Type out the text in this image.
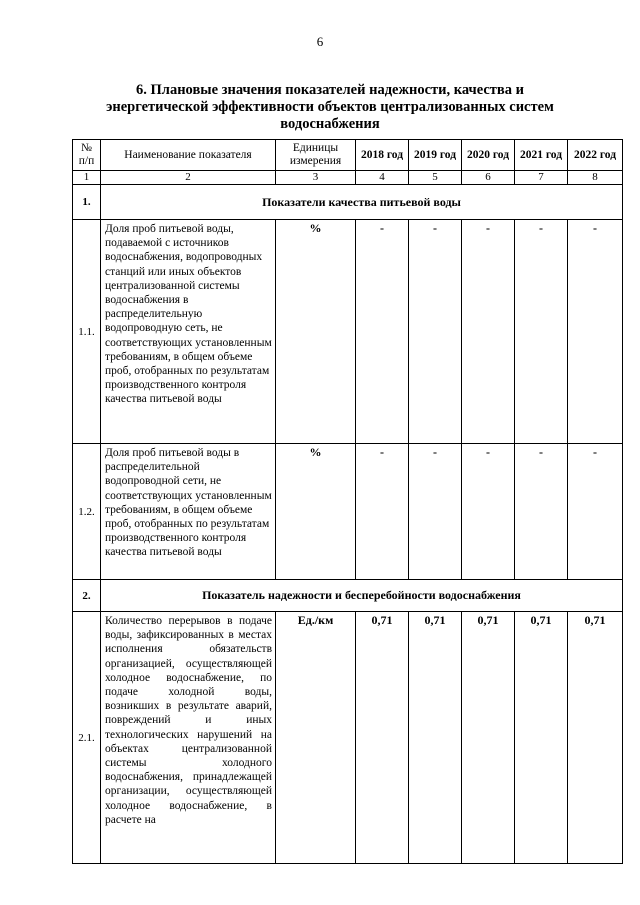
6
6. Плановые значения показателей надежности, качества и
энергетической эффективности объектов централизованных систем
водоснабжения
№ п/п	Наименование показателя	Единицы измерения	2018 год	2019 год	2020 год	2021 год	2022 год
1	2	3	4	5	6	7	8
1.	Показатели качества питьевой воды						
1.1.	Доля проб питьевой воды, подаваемой с источников водоснабжения, водопроводных станций или иных объектов централизованной системы водоснабжения в распределительную водопроводную сеть, не соответствующих установленным требованиям, в общем объеме проб, отобранных по результатам производственного контроля качества питьевой воды	%	-	-	-	-	-
1.2.	Доля проб питьевой воды в распределительной водопроводной сети, не соответствующих установленным требованиям, в общем объеме проб, отобранных по результатам производственного контроля качества питьевой воды	%	-	-	-	-	-
2.	Показатель надежности и бесперебойности водоснабжения						
2.1.	Количество перерывов в подаче воды, зафиксированных в местах исполнения обязательств организацией, осуществляющей холодное водоснабжение, по подаче холодной воды, возникших в результате аварий, повреждений и иных технологических нарушений на объектах централизованной системы холодного водоснабжения, принадлежащей организации, осуществляющей холодное водоснабжение, в расчете на	Ед./км	0,71	0,71	0,71	0,71	0,71
